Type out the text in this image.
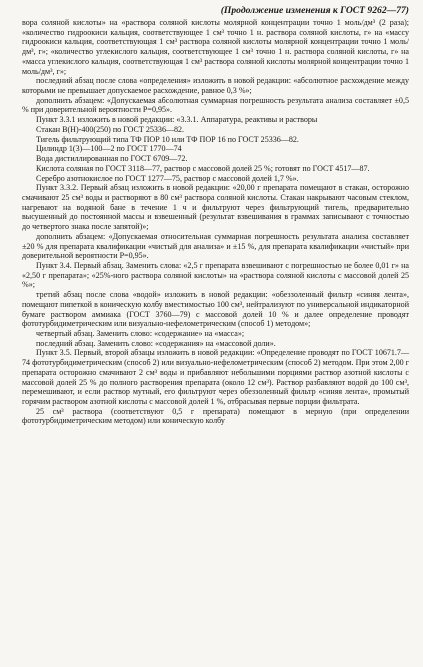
(Продолжение изменения к ГОСТ 9262—77)

вора соляной кислоты» на «раствора соляной кислоты молярной концентрации точно 1 моль/дм³ (2 раза); «количество гидроокиси кальция, соответствующее 1 см³ точно 1 н. раствора соляной кислоты, г» на «массу гидроокиси кальция, соответствующая 1 см³ раствора соляной кислоты молярной концентрации точно 1 моль/дм³, г»; «количество углекислого кальция, соответствующее 1 см³ точно 1 н. раствора соляной кислоты, г» на «масса углекислого кальция, соответствующая 1 см³ раствора соляной кислоты молярной концентрации точно 1 моль/дм³, г»;

последний абзац после слова «определения» изложить в новой редакции: «абсолютное расхождение между которыми не превышает допускаемое расхождение, равное 0,3 %»;

дополнить абзацем: «Допускаемая абсолютная суммарная погрешность результата анализа составляет ±0,5 % при доверительной вероятности P=0,95».

Пункт 3.3.1 изложить в новой редакции: «3.3.1. Аппаратура, реактивы и растворы

Стакан В(Н)-400(250) по ГОСТ 25336—82.

Тигель фильтрующий типа ТФ ПОР 10 или ТФ ПОР 16 по ГОСТ 25336—82.

Цилиндр 1(3)—100—2 по ГОСТ 1770—74

Вода дистиллированная по ГОСТ 6709—72.

Кислота соляная по ГОСТ 3118—77, раствор с массовой долей 25 %; готовят по ГОСТ 4517—87.

Серебро азотнокислое по ГОСТ 1277—75, раствор с массовой долей 1,7 %».

Пункт 3.3.2. Первый абзац изложить в новой редакции: «20,00 г препарата помещают в стакан, осторожно смачивают 25 см³ воды и растворяют в 80 см³ раствора соляной кислоты. Стакан накрывают часовым стеклом, нагревают на водяной бане в течение 1 ч и фильтруют через фильтрующий тигель, предварительно высушенный до постоянной массы и взвешенный (результат взвешивания в граммах записывают с точностью до четвертого знака после запятой)»;

дополнить абзацем: «Допускаемая относительная суммарная погрешность результата анализа составляет ±20 % для препарата квалификации «чистый для анализа» и ±15 %, для препарата квалификации «чистый» при доверительной вероятности P=0,95».

Пункт 3.4. Первый абзац. Заменить слова: «2,5 г препарата взвешивают с погрешностью не более 0,01 г» на «2,50 г препарата»; «25%-ного раствора соляной кислоты» на «раствора соляной кислоты с массовой долей 25 %»;

третий абзац после слова «водой» изложить в новой редакции: «обеззоленный фильтр «синяя лента», помещают пипеткой в коническую колбу вместимостью 100 см³, нейтрализуют по универсальной индикаторной бумаге раствором аммиака (ГОСТ 3760—79) с массовой долей 10 % и далее определение проводят фототурбидиметрическим или визуально-нефелометрическим (способ 1) методом»;

четвертый абзац. Заменить слово: «содержание» на «масса»;

последний абзац. Заменить слово: «содержания» на «массовой доли».

Пункт 3.5. Первый, второй абзацы изложить в новой редакции: «Определение проводят по ГОСТ 10671.7—74 фототурбидиметрическим (способ 2) или визуально-нефелометрическим (способ 2) методом. При этом 2,00 г препарата осторожно смачивают 2 см³ воды и прибавляют небольшими порциями раствор азотной кислоты с массовой долей 25 % до полного растворения препарата (около 12 см³). Раствор разбавляют водой до 100 см³, перемешивают, и если раствор мутный, его фильтруют через обеззоленный фильтр «синяя лента», промытый горячим раствором азотной кислоты с массовой долей 1 %, отбрасывая первые порции фильтрата.

25 см³ раствора (соответствуют 0,5 г препарата) помещают в мерную (при определении фототурбидиметрическим методом) или коническую колбу
